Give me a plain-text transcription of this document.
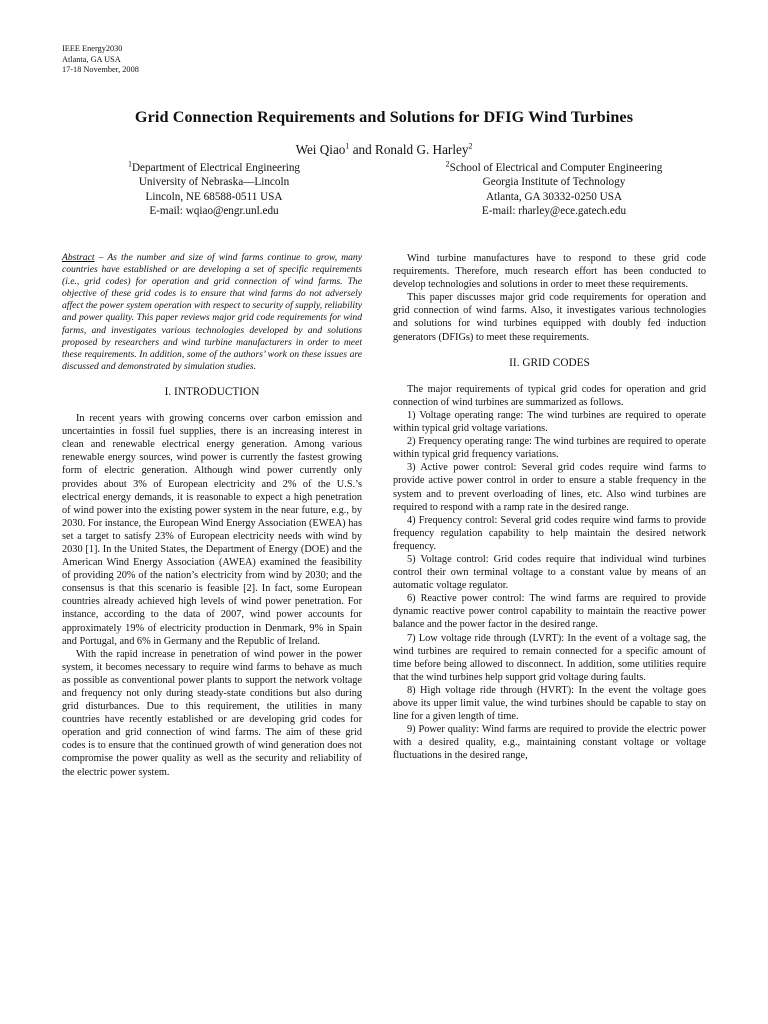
IEEE Energy2030
Atlanta, GA USA
17-18 November, 2008
Grid Connection Requirements and Solutions for DFIG Wind Turbines
Wei Qiao$^1$ and Ronald G. Harley$^2$
$^1$Department of Electrical Engineering
University of Nebraska—Lincoln
Lincoln, NE 68588-0511 USA
E-mail: wqiao@engr.unl.edu
$^2$School of Electrical and Computer Engineering
Georgia Institute of Technology
Atlanta, GA 30332-0250 USA
E-mail: rharley@ece.gatech.edu
Abstract – As the number and size of wind farms continue to grow, many countries have established or are developing a set of specific requirements (i.e., grid codes) for operation and grid connection of wind farms. The objective of these grid codes is to ensure that wind farms do not adversely affect the power system operation with respect to security of supply, reliability and power quality. This paper reviews major grid code requirements for wind farms, and investigates various technologies developed by and solutions proposed by researchers and wind turbine manufacturers in order to meet these requirements. In addition, some of the authors’ work on these issues are discussed and demonstrated by simulation studies.
I. INTRODUCTION

In recent years with growing concerns over carbon emission and uncertainties in fossil fuel supplies, there is an increasing interest in clean and renewable electrical energy generation. Among various renewable energy sources, wind power is currently the fastest growing form of electric generation. Although wind power currently only provides about 3% of European electricity and 2% of the U.S.’s electrical energy demands, it is reasonable to expect a high penetration of wind power into the existing power system in the near future, e.g., by 2030. For instance, the European Wind Energy Association (EWEA) has set a target to satisfy 23% of European electricity needs with wind by 2030 [1]. In the United States, the Department of Energy (DOE) and the American Wind Energy Association (AWEA) examined the feasibility of providing 20% of the nation’s electricity from wind by 2030; and the consensus is that this scenario is feasible [2]. In fact, some European countries already achieved high levels of wind power penetration. For instance, according to the data of 2007, wind power accounts for approximately 19% of electricity production in Denmark, 9% in Spain and Portugal, and 6% in Germany and the Republic of Ireland.

With the rapid increase in penetration of wind power in the power system, it becomes necessary to require wind farms to behave as much as possible as conventional power plants to support the network voltage and frequency not only during steady-state conditions but also during grid disturbances. Due to this requirement, the utilities in many countries have recently established or are developing grid codes for operation and grid connection of wind farms. The aim of these grid codes is to ensure that the continued growth of wind generation does not compromise the power quality as well as the security and reliability of the electric power system.

Wind turbine manufactures have to respond to these grid code requirements. Therefore, much research effort has been conducted to develop technologies and solutions in order to meet these requirements.

This paper discusses major grid code requirements for operation and grid connection of wind farms. Also, it investigates various technologies and solutions for wind turbines equipped with doubly fed induction generators (DFIGs) to meet these requirements.

II. GRID CODES

The major requirements of typical grid codes for operation and grid connection of wind turbines are summarized as follows.

1) Voltage operating range: The wind turbines are required to operate within typical grid voltage variations.

2) Frequency operating range: The wind turbines are required to operate within typical grid frequency variations.

3) Active power control: Several grid codes require wind farms to provide active power control in order to ensure a stable frequency in the system and to prevent overloading of lines, etc. Also wind turbines are required to respond with a ramp rate in the desired range.

4) Frequency control: Several grid codes require wind farms to provide frequency regulation capability to help maintain the desired network frequency.

5) Voltage control: Grid codes require that individual wind turbines control their own terminal voltage to a constant value by means of an automatic voltage regulator.

6) Reactive power control: The wind farms are required to provide dynamic reactive power control capability to maintain the reactive power balance and the power factor in the desired range.

7) Low voltage ride through (LVRT): In the event of a voltage sag, the wind turbines are required to remain connected for a specific amount of time before being allowed to disconnect. In addition, some utilities require that the wind turbines help support grid voltage during faults.

8) High voltage ride through (HVRT): In the event the voltage goes above its upper limit value, the wind turbines should be capable to stay on line for a given length of time.

9) Power quality: Wind farms are required to provide the electric power with a desired quality, e.g., maintaining constant voltage or voltage fluctuations in the desired range,
